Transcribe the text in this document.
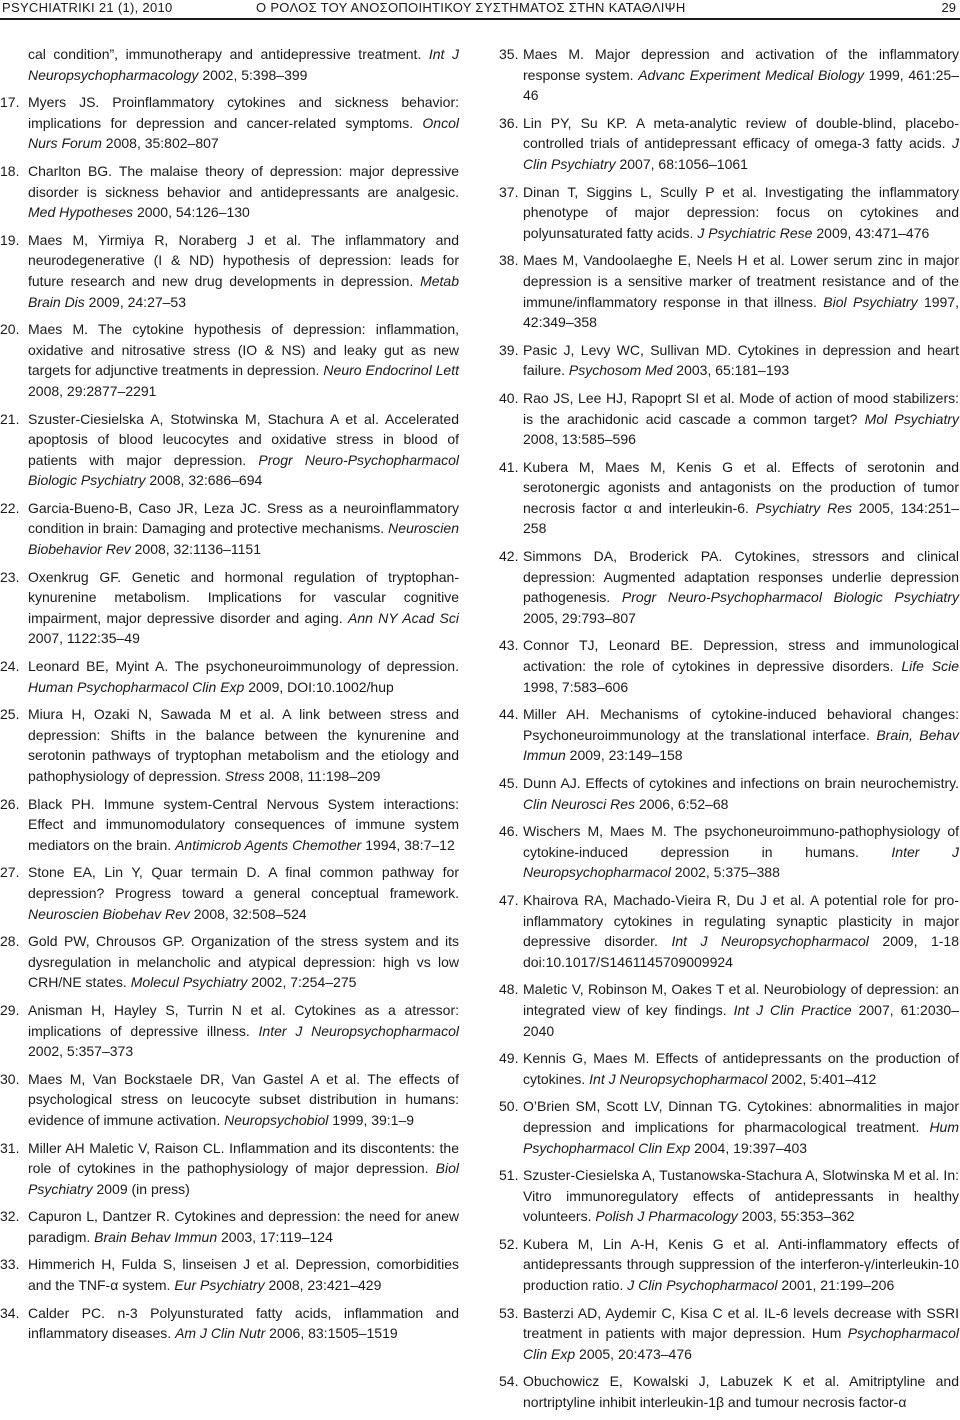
PSYCHIATRIKI 21 (1), 2010	Ο ΡΟΛΟΣ ΤΟΥ ΑΝΟΣΟΠΟΙΗΤΙΚΟΥ ΣΥΣΤΗΜΑΤΟΣ ΣΤΗΝ ΚΑΤΑΘΛΙΨΗ	29
cal condition”, immunotherapy and antidepressive treatment. Int J Neuropsychopharmacology 2002, 5:398–399
17. Myers JS. Proinflammatory cytokines and sickness behavior: implications for depression and cancer-related symptoms. Oncol Nurs Forum 2008, 35:802–807
18. Charlton BG. The malaise theory of depression: major depressive disorder is sickness behavior and antidepressants are analgesic. Med Hypotheses 2000, 54:126–130
19. Maes M, Yirmiya R, Noraberg J et al. The inflammatory and neurodegenerative (I & ND) hypothesis of depression: leads for future research and new drug developments in depression. Metab Brain Dis 2009, 24:27–53
20. Maes M. The cytokine hypothesis of depression: inflammation, oxidative and nitrosative stress (IO & NS) and leaky gut as new targets for adjunctive treatments in depression. Neuro Endocrinol Lett 2008, 29:2877–2291
21. Szuster-Ciesielska A, Stotwinska M, Stachura A et al. Accelerated apoptosis of blood leucocytes and oxidative stress in blood of patients with major depression. Progr Neuro-Psychopharmacol Biologic Psychiatry 2008, 32:686–694
22. Garcia-Bueno-B, Caso JR, Leza JC. Sress as a neuroinflammatory condition in brain: Damaging and protective mechanisms. Neuroscien Biobehavior Rev 2008, 32:1136–1151
23. Oxenkrug GF. Genetic and hormonal regulation of tryptophan-kynurenine metabolism. Implications for vascular cognitive impairment, major depressive disorder and aging. Ann NY Acad Sci 2007, 1122:35–49
24. Leonard BE, Myint A. The psychoneuroimmunology of depression. Human Psychopharmacol Clin Exp 2009, DOI:10.1002/hup
25. Miura H, Ozaki N, Sawada M et al. A link between stress and depression: Shifts in the balance between the kynurenine and serotonin pathways of tryptophan metabolism and the etiology and pathophysiology of depression. Stress 2008, 11:198–209
26. Black PH. Immune system-Central Nervous System interactions: Effect and immunomodulatory consequences of immune system mediators on the brain. Antimicrob Agents Chemother 1994, 38:7–12
27. Stone EA, Lin Y, Quar termain D. A final common pathway for depression? Progress toward a general conceptual framework. Neuroscien Biobehav Rev 2008, 32:508–524
28. Gold PW, Chrousos GP. Organization of the stress system and its dysregulation in melancholic and atypical depression: high vs low CRH/NE states. Molecul Psychiatry 2002, 7:254–275
29. Anisman H, Hayley S, Turrin N et al. Cytokines as a atressor: implications of depressive illness. Inter J Neuropsychopharmacol 2002, 5:357–373
30. Maes M, Van Bockstaele DR, Van Gastel A et al. The effects of psychological stress on leucocyte subset distribution in humans: evidence of immune activation. Neuropsychobiol 1999, 39:1–9
31. Miller AH Maletic V, Raison CL. Inflammation and its discontents: the role of cytokines in the pathophysiology of major depression. Biol Psychiatry 2009 (in press)
32. Capuron L, Dantzer R. Cytokines and depression: the need for anew paradigm. Brain Behav Immun 2003, 17:119–124
33. Himmerich H, Fulda S, linseisen J et al. Depression, comorbidities and the TNF-α system. Eur Psychiatry 2008, 23:421–429
34. Calder PC. n-3 Polyunsturated fatty acids, inflammation and inflammatory diseases. Am J Clin Nutr 2006, 83:1505–1519
35. Maes M. Major depression and activation of the inflammatory response system. Advanc Experiment Medical Biology 1999, 461:25–46
36. Lin PY, Su KP. A meta-analytic review of double-blind, placebo-controlled trials of antidepressant efficacy of omega-3 fatty acids. J Clin Psychiatry 2007, 68:1056–1061
37. Dinan T, Siggins L, Scully P et al. Investigating the inflammatory phenotype of major depression: focus on cytokines and polyunsaturated fatty acids. J Psychiatric Rese 2009, 43:471–476
38. Maes M, Vandoolaeghe E, Neels H et al. Lower serum zinc in major depression is a sensitive marker of treatment resistance and of the immune/inflammatory response in that illness. Biol Psychiatry 1997, 42:349–358
39. Pasic J, Levy WC, Sullivan MD. Cytokines in depression and heart failure. Psychosom Med 2003, 65:181–193
40. Rao JS, Lee HJ, Rapoprt SI et al. Mode of action of mood stabilizers: is the arachidonic acid cascade a common target? Mol Psychiatry 2008, 13:585–596
41. Kubera M, Maes M, Kenis G et al. Effects of serotonin and serotonergic agonists and antagonists on the production of tumor necrosis factor α and interleukin-6. Psychiatry Res 2005, 134:251–258
42. Simmons DA, Broderick PA. Cytokines, stressors and clinical depression: Augmented adaptation responses underlie depression pathogenesis. Progr Neuro-Psychopharmacol Biologic Psychiatry 2005, 29:793–807
43. Connor TJ, Leonard BE. Depression, stress and immunological activation: the role of cytokines in depressive disorders. Life Scie 1998, 7:583–606
44. Miller AH. Mechanisms of cytokine-induced behavioral changes: Psychoneuroimmunology at the translational interface. Brain, Behav Immun 2009, 23:149–158
45. Dunn AJ. Effects of cytokines and infections on brain neurochemistry. Clin Neurosci Res 2006, 6:52–68
46. Wischers M, Maes M. The psychoneuroimmuno-pathophysiology of cytokine-induced depression in humans. Inter J Neuropsychopharmacol 2002, 5:375–388
47. Khairova RA, Machado-Vieira R, Du J et al. A potential role for pro-inflammatory cytokines in regulating synaptic plasticity in major depressive disorder. Int J Neuropsychopharmacol 2009, 1-18 doi:10.1017/S1461145709009924
48. Maletic V, Robinson M, Oakes T et al. Neurobiology of depression: an integrated view of key findings. Int J Clin Practice 2007, 61:2030–2040
49. Kennis G, Maes M. Effects of antidepressants on the production of cytokines. Int J Neuropsychopharmacol 2002, 5:401–412
50. O’Brien SM, Scott LV, Dinnan TG. Cytokines: abnormalities in major depression and implications for pharmacological treatment. Hum Psychopharmacol Clin Exp 2004, 19:397–403
51. Szuster-Ciesielska A, Tustanowska-Stachura A, Slotwinska M et al. In: Vitro immunoregulatory effects of antidepressants in healthy volunteers. Polish J Pharmacology 2003, 55:353–362
52. Kubera M, Lin A-H, Kenis G et al. Anti-inflammatory effects of antidepressants through suppression of the interferon-γ/interleukin-10 production ratio. J Clin Psychopharmacol 2001, 21:199–206
53. Basterzi AD, Aydemir C, Kisa C et al. IL-6 levels decrease with SSRI treatment in patients with major depression. Hum Psychopharmacol Clin Exp 2005, 20:473–476
54. Obuchowicz E, Kowalski J, Labuzek K et al. Amitriptyline and nortriptyline inhibit interleukin-1β and tumour necrosis factor-α
